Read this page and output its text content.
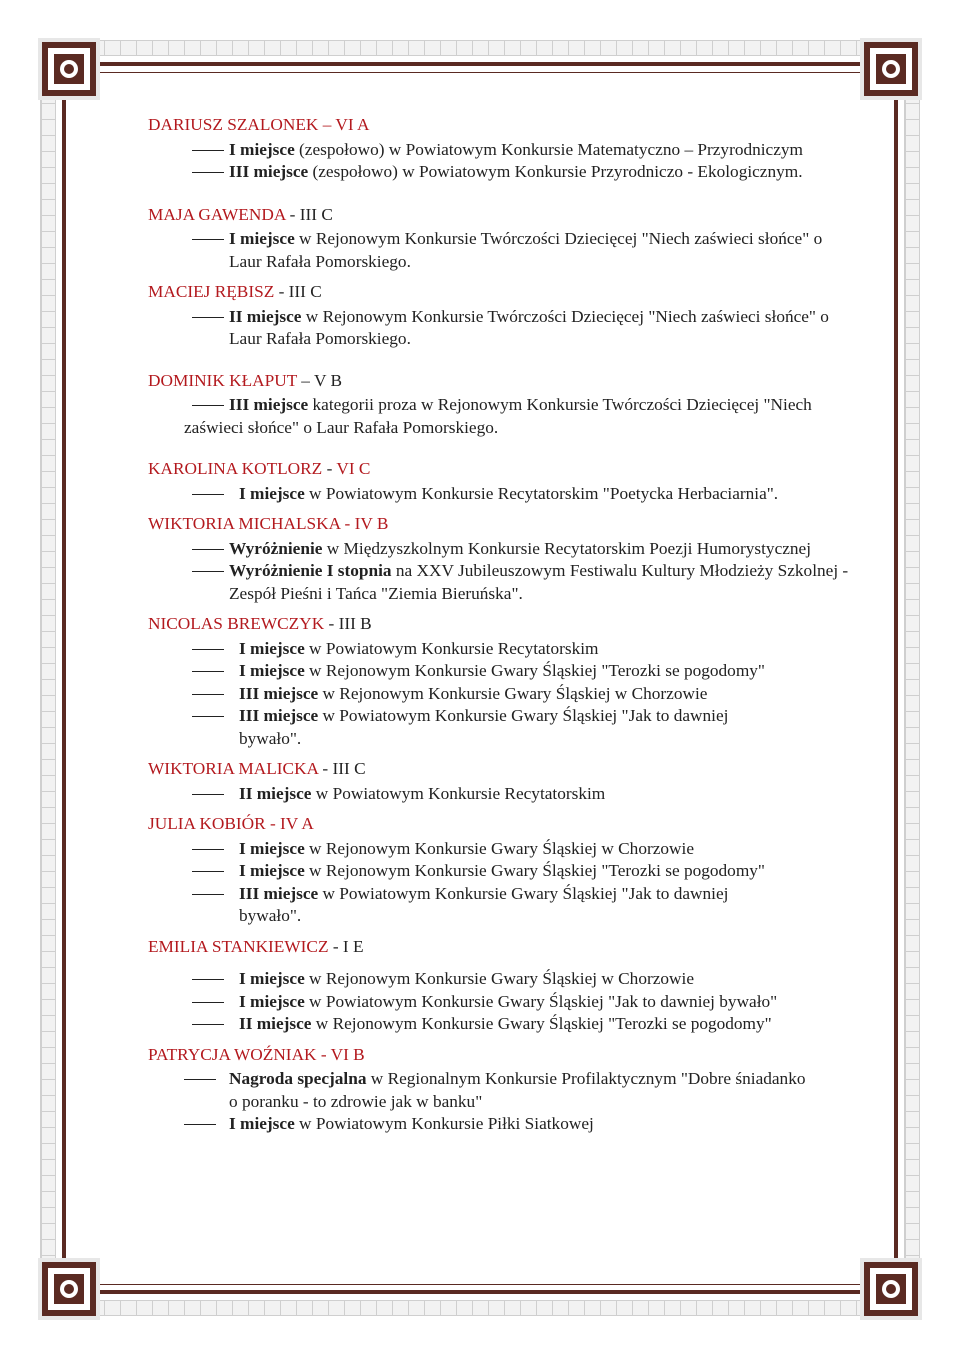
DARIUSZ SZALONEK – VI A

I miejsce (zespołowo) w Powiatowym Konkursie Matematyczno – Przyrodniczym

III miejsce (zespołowo) w Powiatowym Konkursie Przyrodniczo - Ekologicznym.

MAJA GAWENDA - III C

I miejsce w Rejonowym Konkursie Twórczości Dziecięcej "Niech zaświeci słońce" o Laur Rafała Pomorskiego.

MACIEJ RĘBISZ - III C

II miejsce w Rejonowym Konkursie Twórczości Dziecięcej "Niech zaświeci słońce" o Laur Rafała Pomorskiego.

DOMINIK KŁAPUT – V B

III miejsce kategorii proza w Rejonowym Konkursie Twórczości Dziecięcej "Niech zaświeci słońce" o Laur Rafała Pomorskiego.

KAROLINA KOTLORZ - VI C

I miejsce w Powiatowym Konkursie Recytatorskim "Poetycka Herbaciarnia".

WIKTORIA MICHALSKA - IV B

Wyróżnienie w Międzyszkolnym Konkursie Recytatorskim Poezji Humorystycznej

Wyróżnienie I stopnia na XXV Jubileuszowym Festiwalu Kultury Młodzieży Szkolnej - Zespół Pieśni i Tańca "Ziemia Bieruńska".

NICOLAS BREWCZYK - III B

I miejsce w Powiatowym Konkursie Recytatorskim

I miejsce w Rejonowym Konkursie Gwary Śląskiej "Terozki se pogodomy"

III miejsce w Rejonowym Konkursie Gwary Śląskiej w Chorzowie

III miejsce w Powiatowym Konkursie Gwary Śląskiej "Jak to dawniej bywało".

WIKTORIA MALICKA - III C

II miejsce w Powiatowym Konkursie Recytatorskim

JULIA KOBIÓR - IV A

I miejsce w Rejonowym Konkursie Gwary Śląskiej w Chorzowie

I miejsce w Rejonowym Konkursie Gwary Śląskiej "Terozki se pogodomy"

III miejsce w Powiatowym Konkursie Gwary Śląskiej "Jak to dawniej bywało".

EMILIA STANKIEWICZ - I E

I miejsce w Rejonowym Konkursie Gwary Śląskiej w Chorzowie

I miejsce w Powiatowym Konkursie Gwary Śląskiej "Jak to dawniej bywało"

II miejsce w Rejonowym Konkursie Gwary Śląskiej "Terozki se pogodomy"

PATRYCJA WOŹNIAK - VI B

Nagroda specjalna w Regionalnym Konkursie Profilaktycznym "Dobre śniadanko o poranku - to zdrowie jak w banku"

I miejsce w Powiatowym Konkursie Piłki Siatkowej
